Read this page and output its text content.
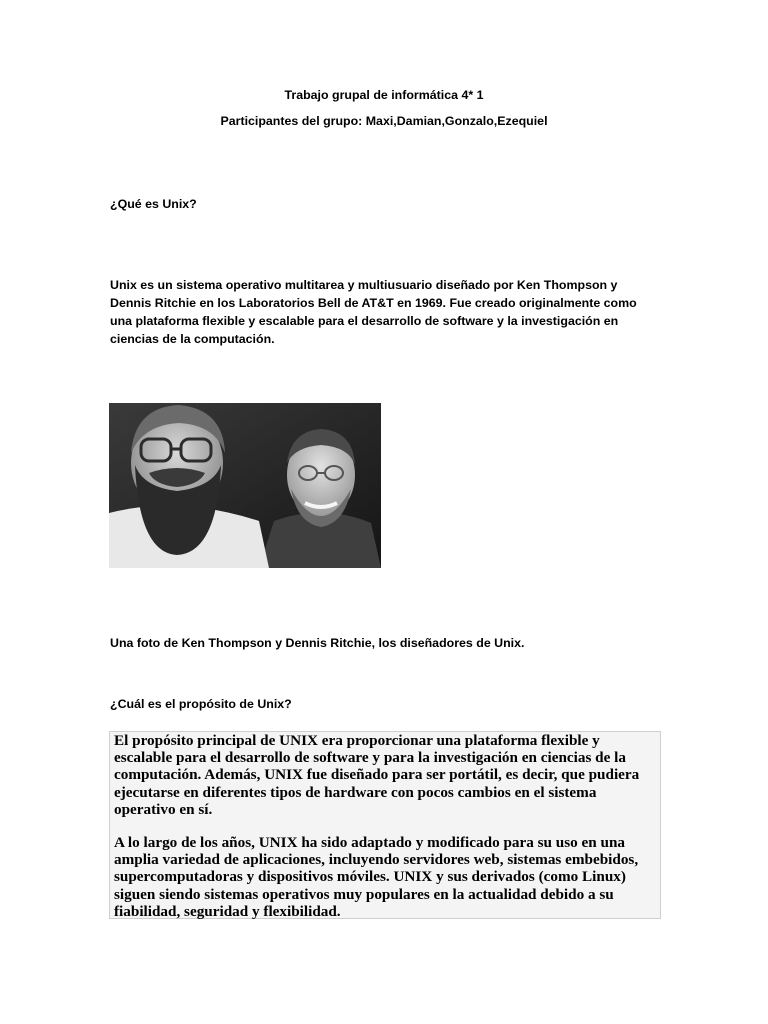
Trabajo grupal de informática 4* 1
Participantes del grupo: Maxi,Damian,Gonzalo,Ezequiel
¿Qué es Unix?
Unix es un sistema operativo multitarea y multiusuario diseñado por Ken Thompson y Dennis Ritchie en los Laboratorios Bell de AT&T en 1969. Fue creado originalmente como una plataforma flexible y escalable para el desarrollo de software y la investigación en ciencias de la computación.
Una foto de Ken Thompson y Dennis Ritchie, los diseñadores de Unix.
¿Cuál es el propósito de Unix?

El propósito principal de UNIX era proporcionar una plataforma flexible y escalable para el desarrollo de software y para la investigación en ciencias de la computación. Además, UNIX fue diseñado para ser portátil, es decir, que pudiera ejecutarse en diferentes tipos de hardware con pocos cambios en el sistema operativo en sí.

A lo largo de los años, UNIX ha sido adaptado y modificado para su uso en una amplia variedad de aplicaciones, incluyendo servidores web, sistemas embebidos, supercomputadoras y dispositivos móviles. UNIX y sus derivados (como Linux) siguen siendo sistemas operativos muy populares en la actualidad debido a su fiabilidad, seguridad y flexibilidad.
